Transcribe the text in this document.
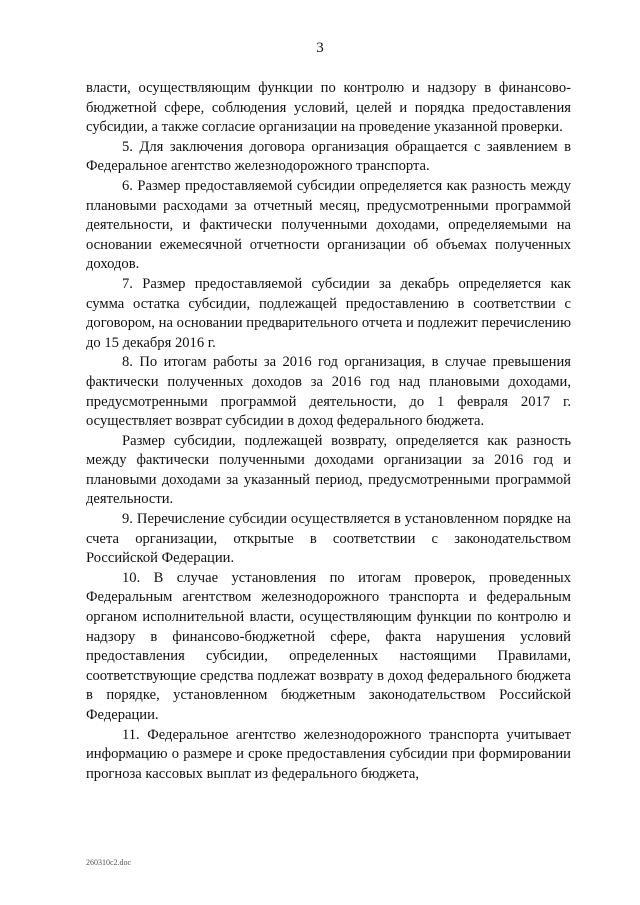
3

власти, осуществляющим функции по контролю и надзору в финансово-бюджетной сфере, соблюдения условий, целей и порядка предоставления субсидии, а также согласие организации на проведение указанной проверки.

5. Для заключения договора организация обращается с заявлением в Федеральное агентство железнодорожного транспорта.

6. Размер предоставляемой субсидии определяется как разность между плановыми расходами за отчетный месяц, предусмотренными программой деятельности, и фактически полученными доходами, определяемыми на основании ежемесячной отчетности организации об объемах полученных доходов.

7. Размер предоставляемой субсидии за декабрь определяется как сумма остатка субсидии, подлежащей предоставлению в соответствии с договором, на основании предварительного отчета и подлежит перечислению до 15 декабря 2016 г.

8. По итогам работы за 2016 год организация, в случае превышения фактически полученных доходов за 2016 год над плановыми доходами, предусмотренными программой деятельности, до 1 февраля 2017 г. осуществляет возврат субсидии в доход федерального бюджета.

Размер субсидии, подлежащей возврату, определяется как разность между фактически полученными доходами организации за 2016 год и плановыми доходами за указанный период, предусмотренными программой деятельности.

9. Перечисление субсидии осуществляется в установленном порядке на счета организации, открытые в соответствии с законодательством Российской Федерации.

10. В случае установления по итогам проверок, проведенных Федеральным агентством железнодорожного транспорта и федеральным органом исполнительной власти, осуществляющим функции по контролю и надзору в финансово-бюджетной сфере, факта нарушения условий предоставления субсидии, определенных настоящими Правилами, соответствующие средства подлежат возврату в доход федерального бюджета в порядке, установленном бюджетным законодательством Российской Федерации.

11. Федеральное агентство железнодорожного транспорта учитывает информацию о размере и сроке предоставления субсидии при формировании прогноза кассовых выплат из федерального бюджета,

260310c2.doc
